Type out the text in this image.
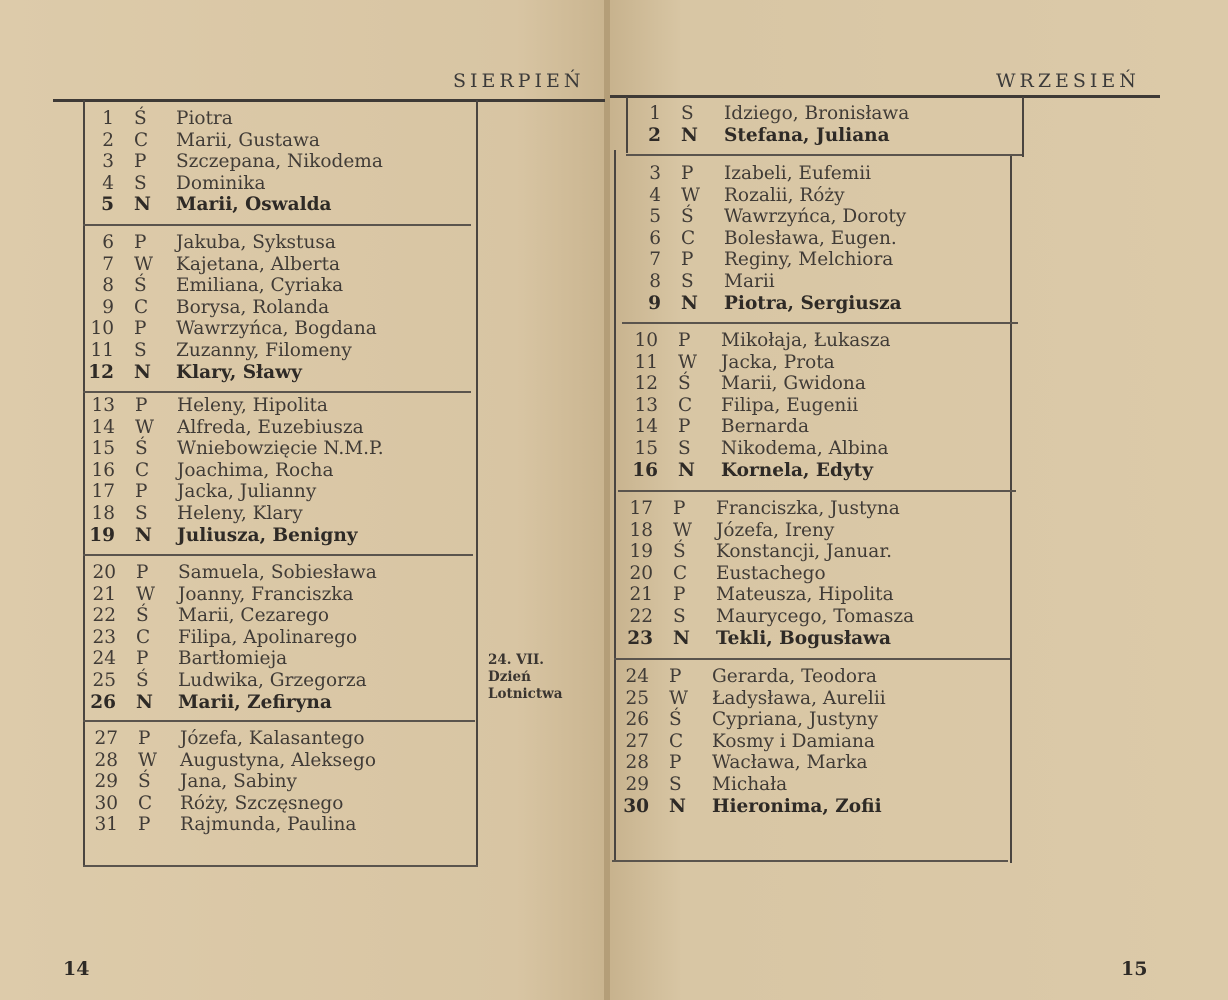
SIERPIEŃ
1 Ś Piotra
2 C Marii, Gustawa
3 P Szczepana, Nikodema
4 S Dominika
5 N Marii, Oswalda
6 P Jakuba, Sykstusa
7 W Kajetana, Alberta
8 Ś Emiliana, Cyriaka
9 C Borysa, Rolanda
10 P Wawrzyńca, Bogdana
11 S Zuzanny, Filomeny
12 N Klary, Sławy
13 P Heleny, Hipolita
14 W Alfreda, Euzebiusza
15 Ś Wniebowzięcie N.M.P.
16 C Joachima, Rocha
17 P Jacka, Julianny
18 S Heleny, Klary
19 N Juliusza, Benigny
20 P Samuela, Sobiesława
21 W Joanny, Franciszka
22 Ś Marii, Cezarego
23 C Filipa, Apolinarego
24 P Bartłomieja
25 Ś Ludwika, Grzegorza
26 N Marii, Zefiryna
27 P Józefa, Kalasantego
28 W Augustyna, Aleksego
29 Ś Jana, Sabiny
30 C Róży, Szczęsnego
31 P Rajmunda, Paulina
24. VII.
Dzień
Lotnictwa
14
WRZESIEŃ
1 S Idziego, Bronisława
2 N Stefana, Juliana
3 P Izabeli, Eufemii
4 W Rozalii, Róży
5 Ś Wawrzyńca, Doroty
6 C Bolesława, Eugen.
7 P Reginy, Melchiora
8 S Marii
9 N Piotra, Sergiusza
10 P Mikołaja, Łukasza
11 W Jacka, Prota
12 Ś Marii, Gwidona
13 C Filipa, Eugenii
14 P Bernarda
15 S Nikodema, Albina
16 N Kornela, Edyty
17 P Franciszka, Justyna
18 W Józefa, Ireny
19 Ś Konstancji, Januar.
20 C Eustachego
21 P Mateusza, Hipolita
22 S Maurycego, Tomasza
23 N Tekli, Bogusława
24 P Gerarda, Teodora
25 W Ładysława, Aurelii
26 Ś Cypriana, Justyny
27 C Kosmy i Damiana
28 P Wacława, Marka
29 S Michała
30 N Hieronima, Zofii
15
